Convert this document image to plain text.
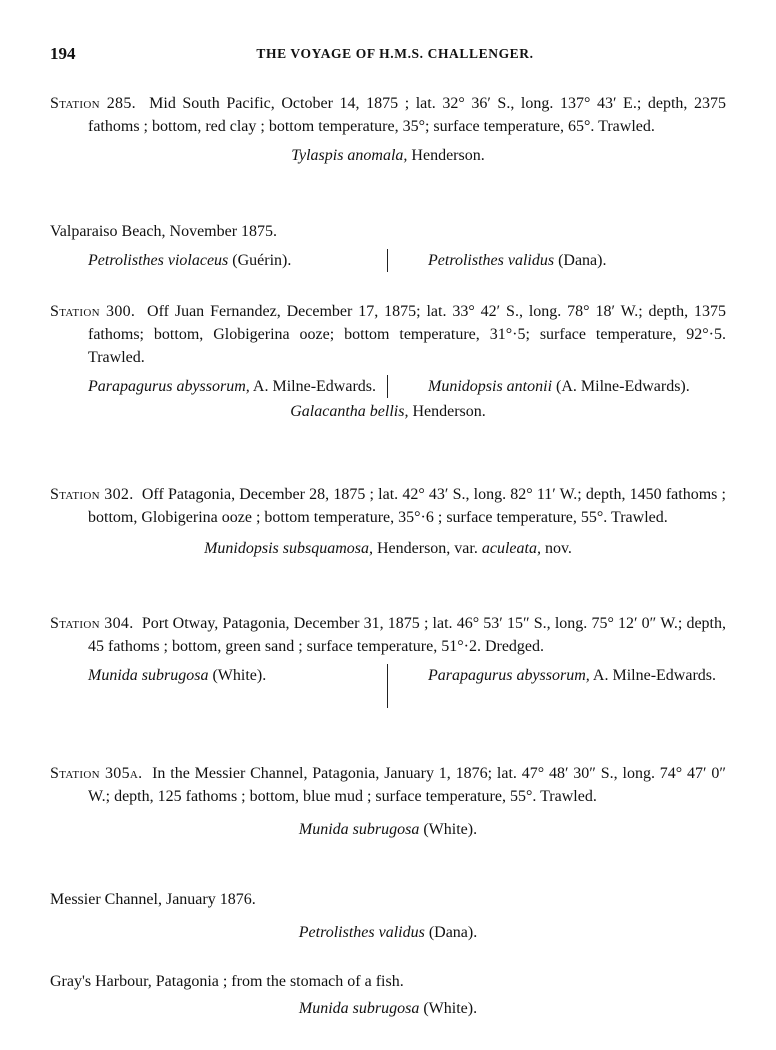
194	THE VOYAGE OF H.M.S. CHALLENGER.
Station 285. Mid South Pacific, October 14, 1875 ; lat. 32° 36′ S., long. 137° 43′ E.; depth, 2375 fathoms ; bottom, red clay ; bottom temperature, 35°; surface temperature, 65°. Trawled.
Tylaspis anomala, Henderson.
Valparaiso Beach, November 1875.
Petrolisthes violaceus (Guérin).	Petrolisthes validus (Dana).
Station 300. Off Juan Fernandez, December 17, 1875; lat. 33° 42′ S., long. 78° 18′ W.; depth, 1375 fathoms; bottom, Globigerina ooze; bottom temperature, 31°·5; surface temperature, 92°·5. Trawled.
Parapagurus abyssorum, A. Milne-Edwards.	Munidopsis antonii (A. Milne-Edwards).
Galacantha bellis, Henderson.
Station 302. Off Patagonia, December 28, 1875 ; lat. 42° 43′ S., long. 82° 11′ W.; depth, 1450 fathoms ; bottom, Globigerina ooze ; bottom temperature, 35°·6 ; surface temperature, 55°. Trawled.
Munidopsis subsquamosa, Henderson, var. aculeata, nov.
Station 304. Port Otway, Patagonia, December 31, 1875 ; lat. 46° 53′ 15″ S., long. 75° 12′ 0″ W.; depth, 45 fathoms ; bottom, green sand ; surface temperature, 51°·2. Dredged.
Munida subrugosa (White).	Parapagurus abyssorum, A. Milne-Edwards.
Station 305a. In the Messier Channel, Patagonia, January 1, 1876; lat. 47° 48′ 30″ S., long. 74° 47′ 0″ W.; depth, 125 fathoms ; bottom, blue mud ; surface temperature, 55°. Trawled.
Munida subrugosa (White).
Messier Channel, January 1876.
Petrolisthes validus (Dana).
Gray's Harbour, Patagonia ; from the stomach of a fish.
Munida subrugosa (White).
